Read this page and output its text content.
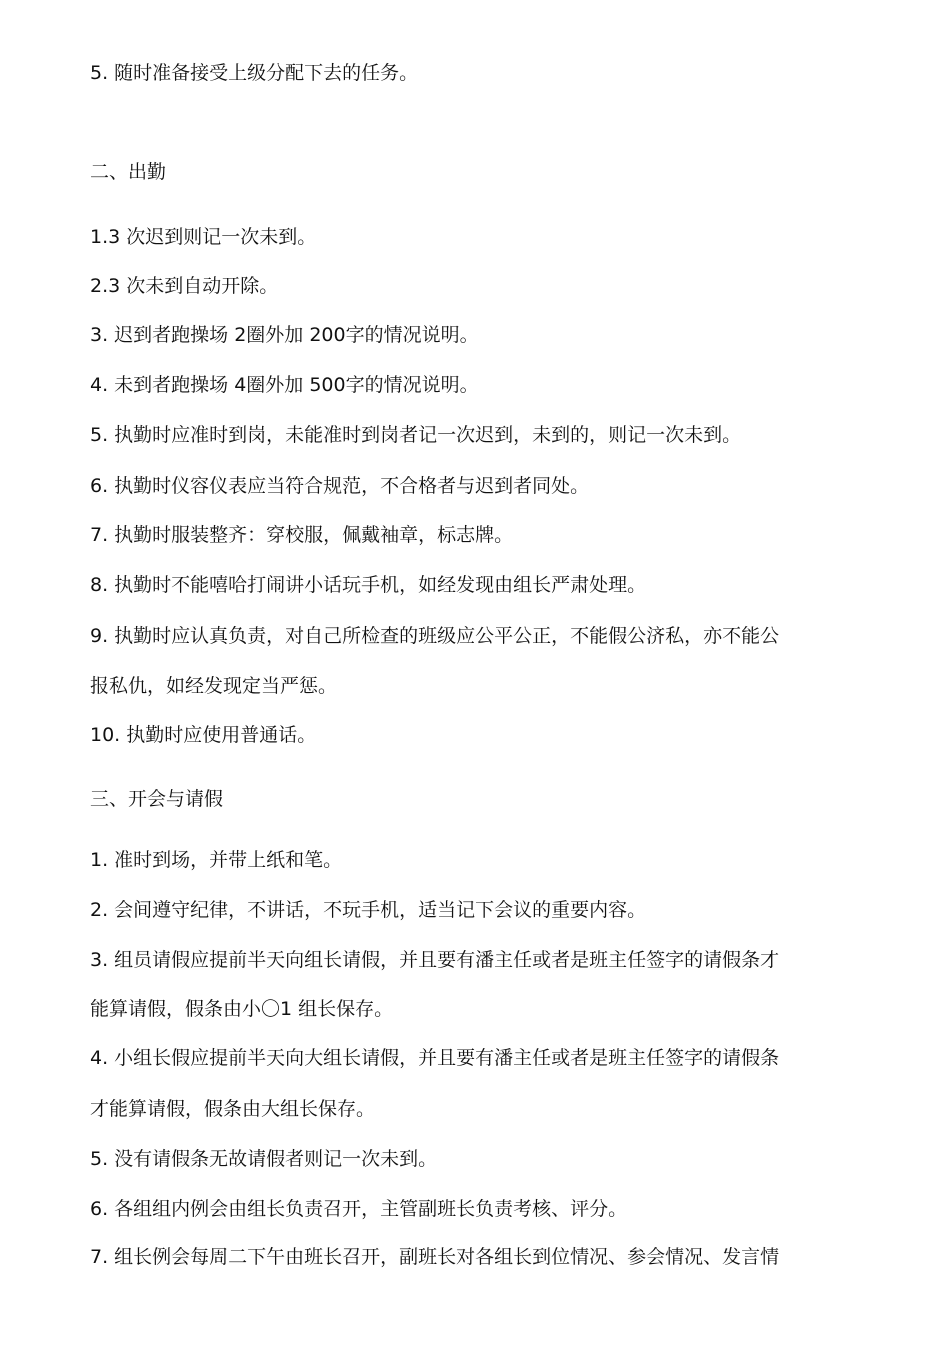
5. 随时准备接受上级分配下去的任务。
二、出勤
1.3 次迟到则记一次未到。
2.3 次未到自动开除。
3. 迟到者跑操场 2圈外加 200字的情况说明。
4. 未到者跑操场 4圈外加 500字的情况说明。
5. 执勤时应准时到岗，未能准时到岗者记一次迟到，未到的，则记一次未到。
6. 执勤时仪容仪表应当符合规范，不合格者与迟到者同处。
7. 执勤时服装整齐：穿校服，佩戴袖章，标志牌。
8. 执勤时不能嘻哈打闹讲小话玩手机，如经发现由组长严肃处理。
9. 执勤时应认真负责，对自己所检查的班级应公平公正，不能假公济私，亦不能公
报私仇，如经发现定当严惩。
10. 执勤时应使用普通话。
三、开会与请假
1. 准时到场，并带上纸和笔。
2. 会间遵守纪律，不讲话，不玩手机，适当记下会议的重要内容。
3. 组员请假应提前半天向组长请假，并且要有潘主任或者是班主任签字的请假条才
能算请假，假条由小〇1 组长保存。
4. 小组长假应提前半天向大组长请假，并且要有潘主任或者是班主任签字的请假条
才能算请假，假条由大组长保存。
5. 没有请假条无故请假者则记一次未到。
6. 各组组内例会由组长负责召开，主管副班长负责考核、评分。
7. 组长例会每周二下午由班长召开，副班长对各组长到位情况、参会情况、发言情
